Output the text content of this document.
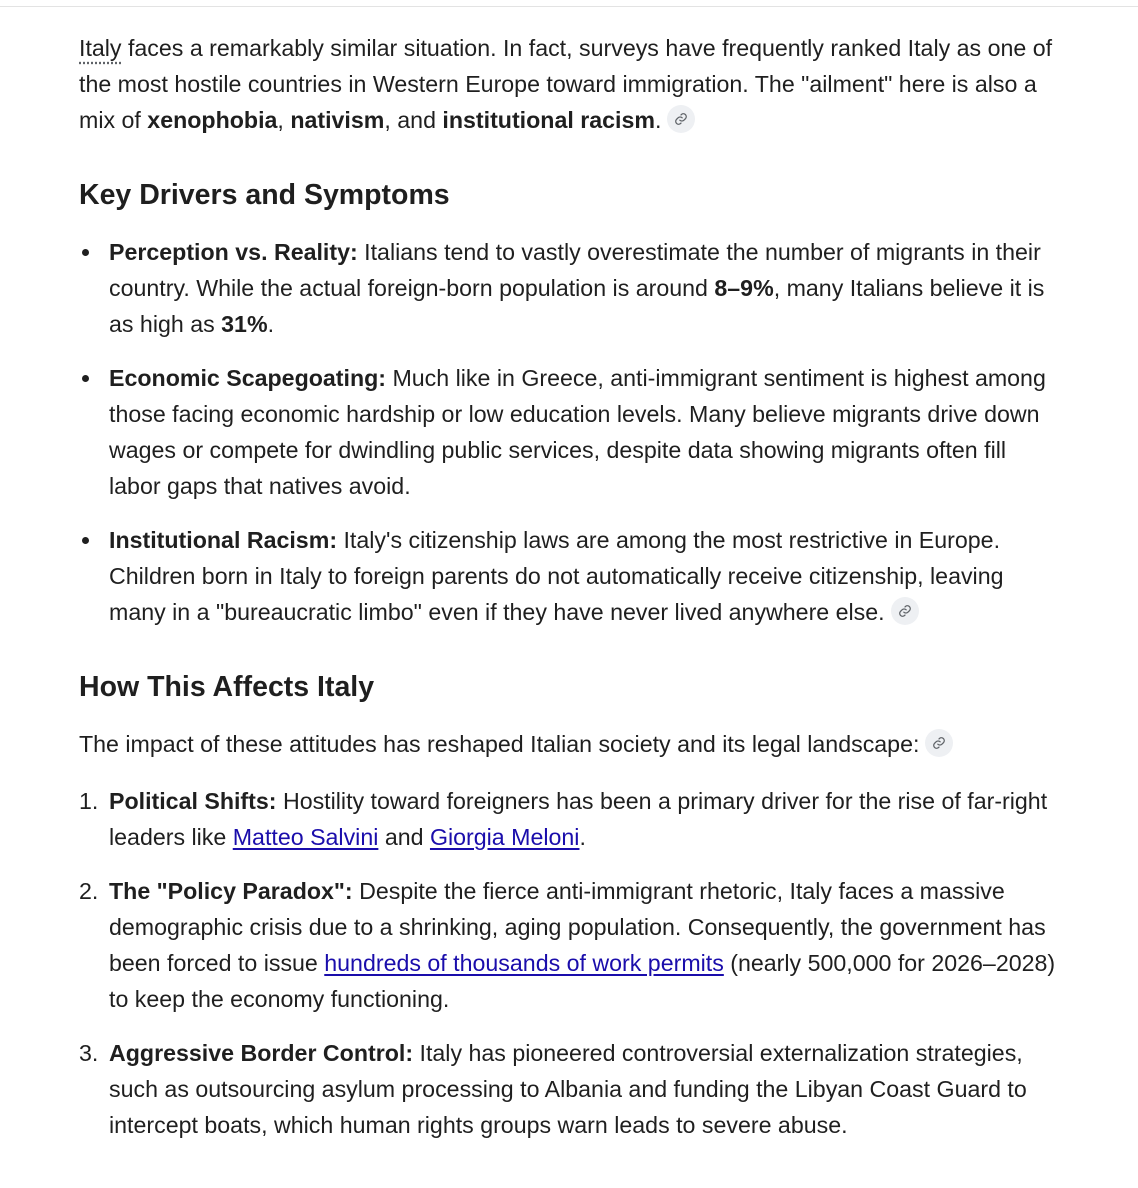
Italy faces a remarkably similar situation. In fact, surveys have frequently ranked Italy as one of the most hostile countries in Western Europe toward immigration. The "ailment" here is also a mix of xenophobia, nativism, and institutional racism.

Key Drivers and Symptoms
Perception vs. Reality: Italians tend to vastly overestimate the number of migrants in their country. While the actual foreign-born population is around 8–9%, many Italians believe it is as high as 31%.
Economic Scapegoating: Much like in Greece, anti-immigrant sentiment is highest among those facing economic hardship or low education levels. Many believe migrants drive down wages or compete for dwindling public services, despite data showing migrants often fill labor gaps that natives avoid.
Institutional Racism: Italy's citizenship laws are among the most restrictive in Europe. Children born in Italy to foreign parents do not automatically receive citizenship, leaving many in a "bureaucratic limbo" even if they have never lived anywhere else.
How This Affects Italy

The impact of these attitudes has reshaped Italian society and its legal landscape:

1. Political Shifts: Hostility toward foreigners has been a primary driver for the rise of far-right leaders like Matteo Salvini and Giorgia Meloni.
2. The "Policy Paradox": Despite the fierce anti-immigrant rhetoric, Italy faces a massive demographic crisis due to a shrinking, aging population. Consequently, the government has been forced to issue hundreds of thousands of work permits (nearly 500,000 for 2026–2028) to keep the economy functioning.
3. Aggressive Border Control: Italy has pioneered controversial externalization strategies, such as outsourcing asylum processing to Albania and funding the Libyan Coast Guard to intercept boats, which human rights groups warn leads to severe abuse.
